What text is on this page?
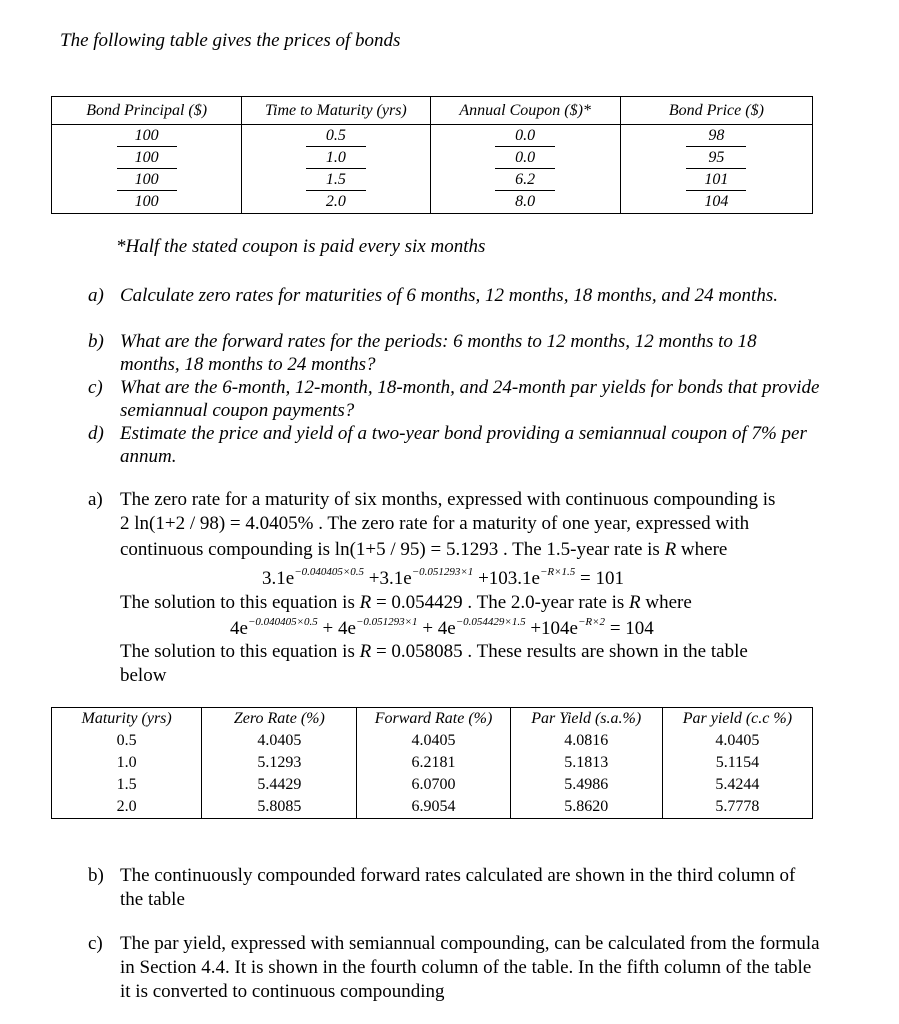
The following table gives the prices of bonds
Bond Principal ($)	Time to Maturity (yrs)	Annual Coupon ($)*	Bond Price ($)
100	0.5	0.0	98
100	1.0	0.0	95
100	1.5	6.2	101
100	2.0	8.0	104
*Half the stated coupon is paid every six months
a) Calculate zero rates for maturities of 6 months, 12 months, 18 months, and 24 months.
b) What are the forward rates for the periods: 6 months to 12 months, 12 months to 18 months, 18 months to 24 months?
c) What are the 6-month, 12-month, 18-month, and 24-month par yields for bonds that provide semiannual coupon payments?
d) Estimate the price and yield of a two-year bond providing a semiannual coupon of 7% per annum.
a) The zero rate for a maturity of six months, expressed with continuous compounding is
2 ln(1+2 / 98) = 4.0405% . The zero rate for a maturity of one year, expressed with
continuous compounding is ln(1+5 / 95) = 5.1293 . The 1.5-year rate is R where
$3.1e^{-0.040405\times 0.5} +3.1e^{-0.051293\times 1} +103.1e^{-R\times 1.5} = 101$
The solution to this equation is R = 0.054429 . The 2.0-year rate is R where
$4e^{-0.040405\times 0.5} + 4e^{-0.051293\times 1} + 4e^{-0.054429\times 1.5} +104e^{-R\times 2} = 104$
The solution to this equation is R = 0.058085 . These results are shown in the table
below
Maturity (yrs)	Zero Rate (%)	Forward Rate (%)	Par Yield (s.a.%)	Par yield (c.c %)
0.5	4.0405	4.0405	4.0816	4.0405
1.0	5.1293	6.2181	5.1813	5.1154
1.5	5.4429	6.0700	5.4986	5.4244
2.0	5.8085	6.9054	5.8620	5.7778
b) The continuously compounded forward rates calculated are shown in the third column of the table
c) The par yield, expressed with semiannual compounding, can be calculated from the formula in Section 4.4. It is shown in the fourth column of the table. In the fifth column of the table it is converted to continuous compounding
